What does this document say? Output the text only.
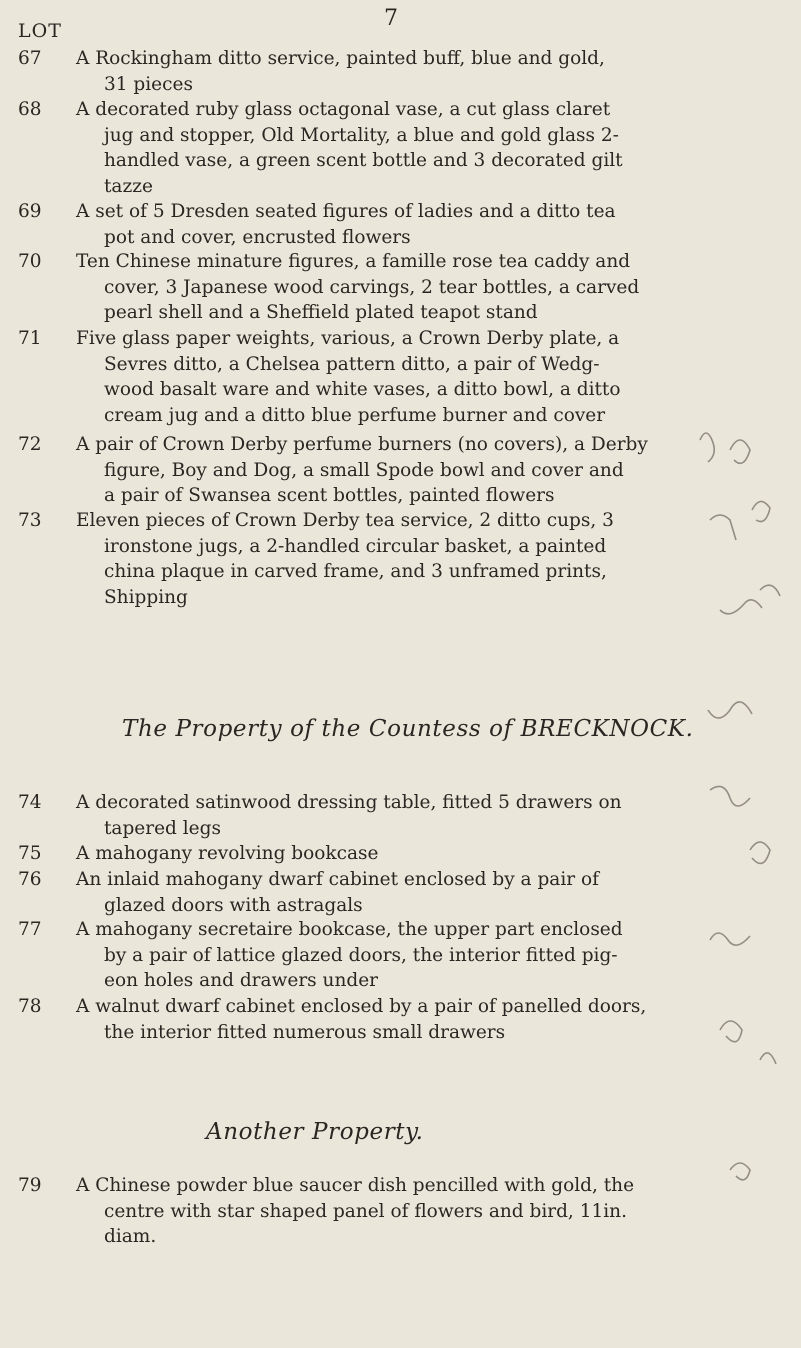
7
LOT
67	A Rockingham ditto service, painted buff, blue and gold,
31 pieces
68	A decorated ruby glass octagonal vase, a cut glass claret
jug and stopper, Old Mortality, a blue and gold glass 2-
handled vase, a green scent bottle and 3 decorated gilt
tazze
69	A set of 5 Dresden seated figures of ladies and a ditto tea
pot and cover, encrusted flowers
70	Ten Chinese minature figures, a famille rose tea caddy and
cover, 3 Japanese wood carvings, 2 tear bottles, a carved
pearl shell and a Sheffield plated teapot stand
71	Five glass paper weights, various, a Crown Derby plate, a
Sevres ditto, a Chelsea pattern ditto, a pair of Wedg-
wood basalt ware and white vases, a ditto bowl, a ditto
cream jug and a ditto blue perfume burner and cover
72	A pair of Crown Derby perfume burners (no covers), a Derby
figure, Boy and Dog, a small Spode bowl and cover and
a pair of Swansea scent bottles, painted flowers
73	Eleven pieces of Crown Derby tea service, 2 ditto cups, 3
ironstone jugs, a 2-handled circular basket, a painted
china plaque in carved frame, and 3 unframed prints,
Shipping
The Property of the Countess of BRECKNOCK.
74	A decorated satinwood dressing table, fitted 5 drawers on
tapered legs
75	A mahogany revolving bookcase
76	An inlaid mahogany dwarf cabinet enclosed by a pair of
glazed doors with astragals
77	A mahogany secretaire bookcase, the upper part enclosed
by a pair of lattice glazed doors, the interior fitted pig-
eon holes and drawers under
78	A walnut dwarf cabinet enclosed by a pair of panelled doors,
the interior fitted numerous small drawers
Another Property.
79	A Chinese powder blue saucer dish pencilled with gold, the
centre with star shaped panel of flowers and bird, 11in.
diam.
